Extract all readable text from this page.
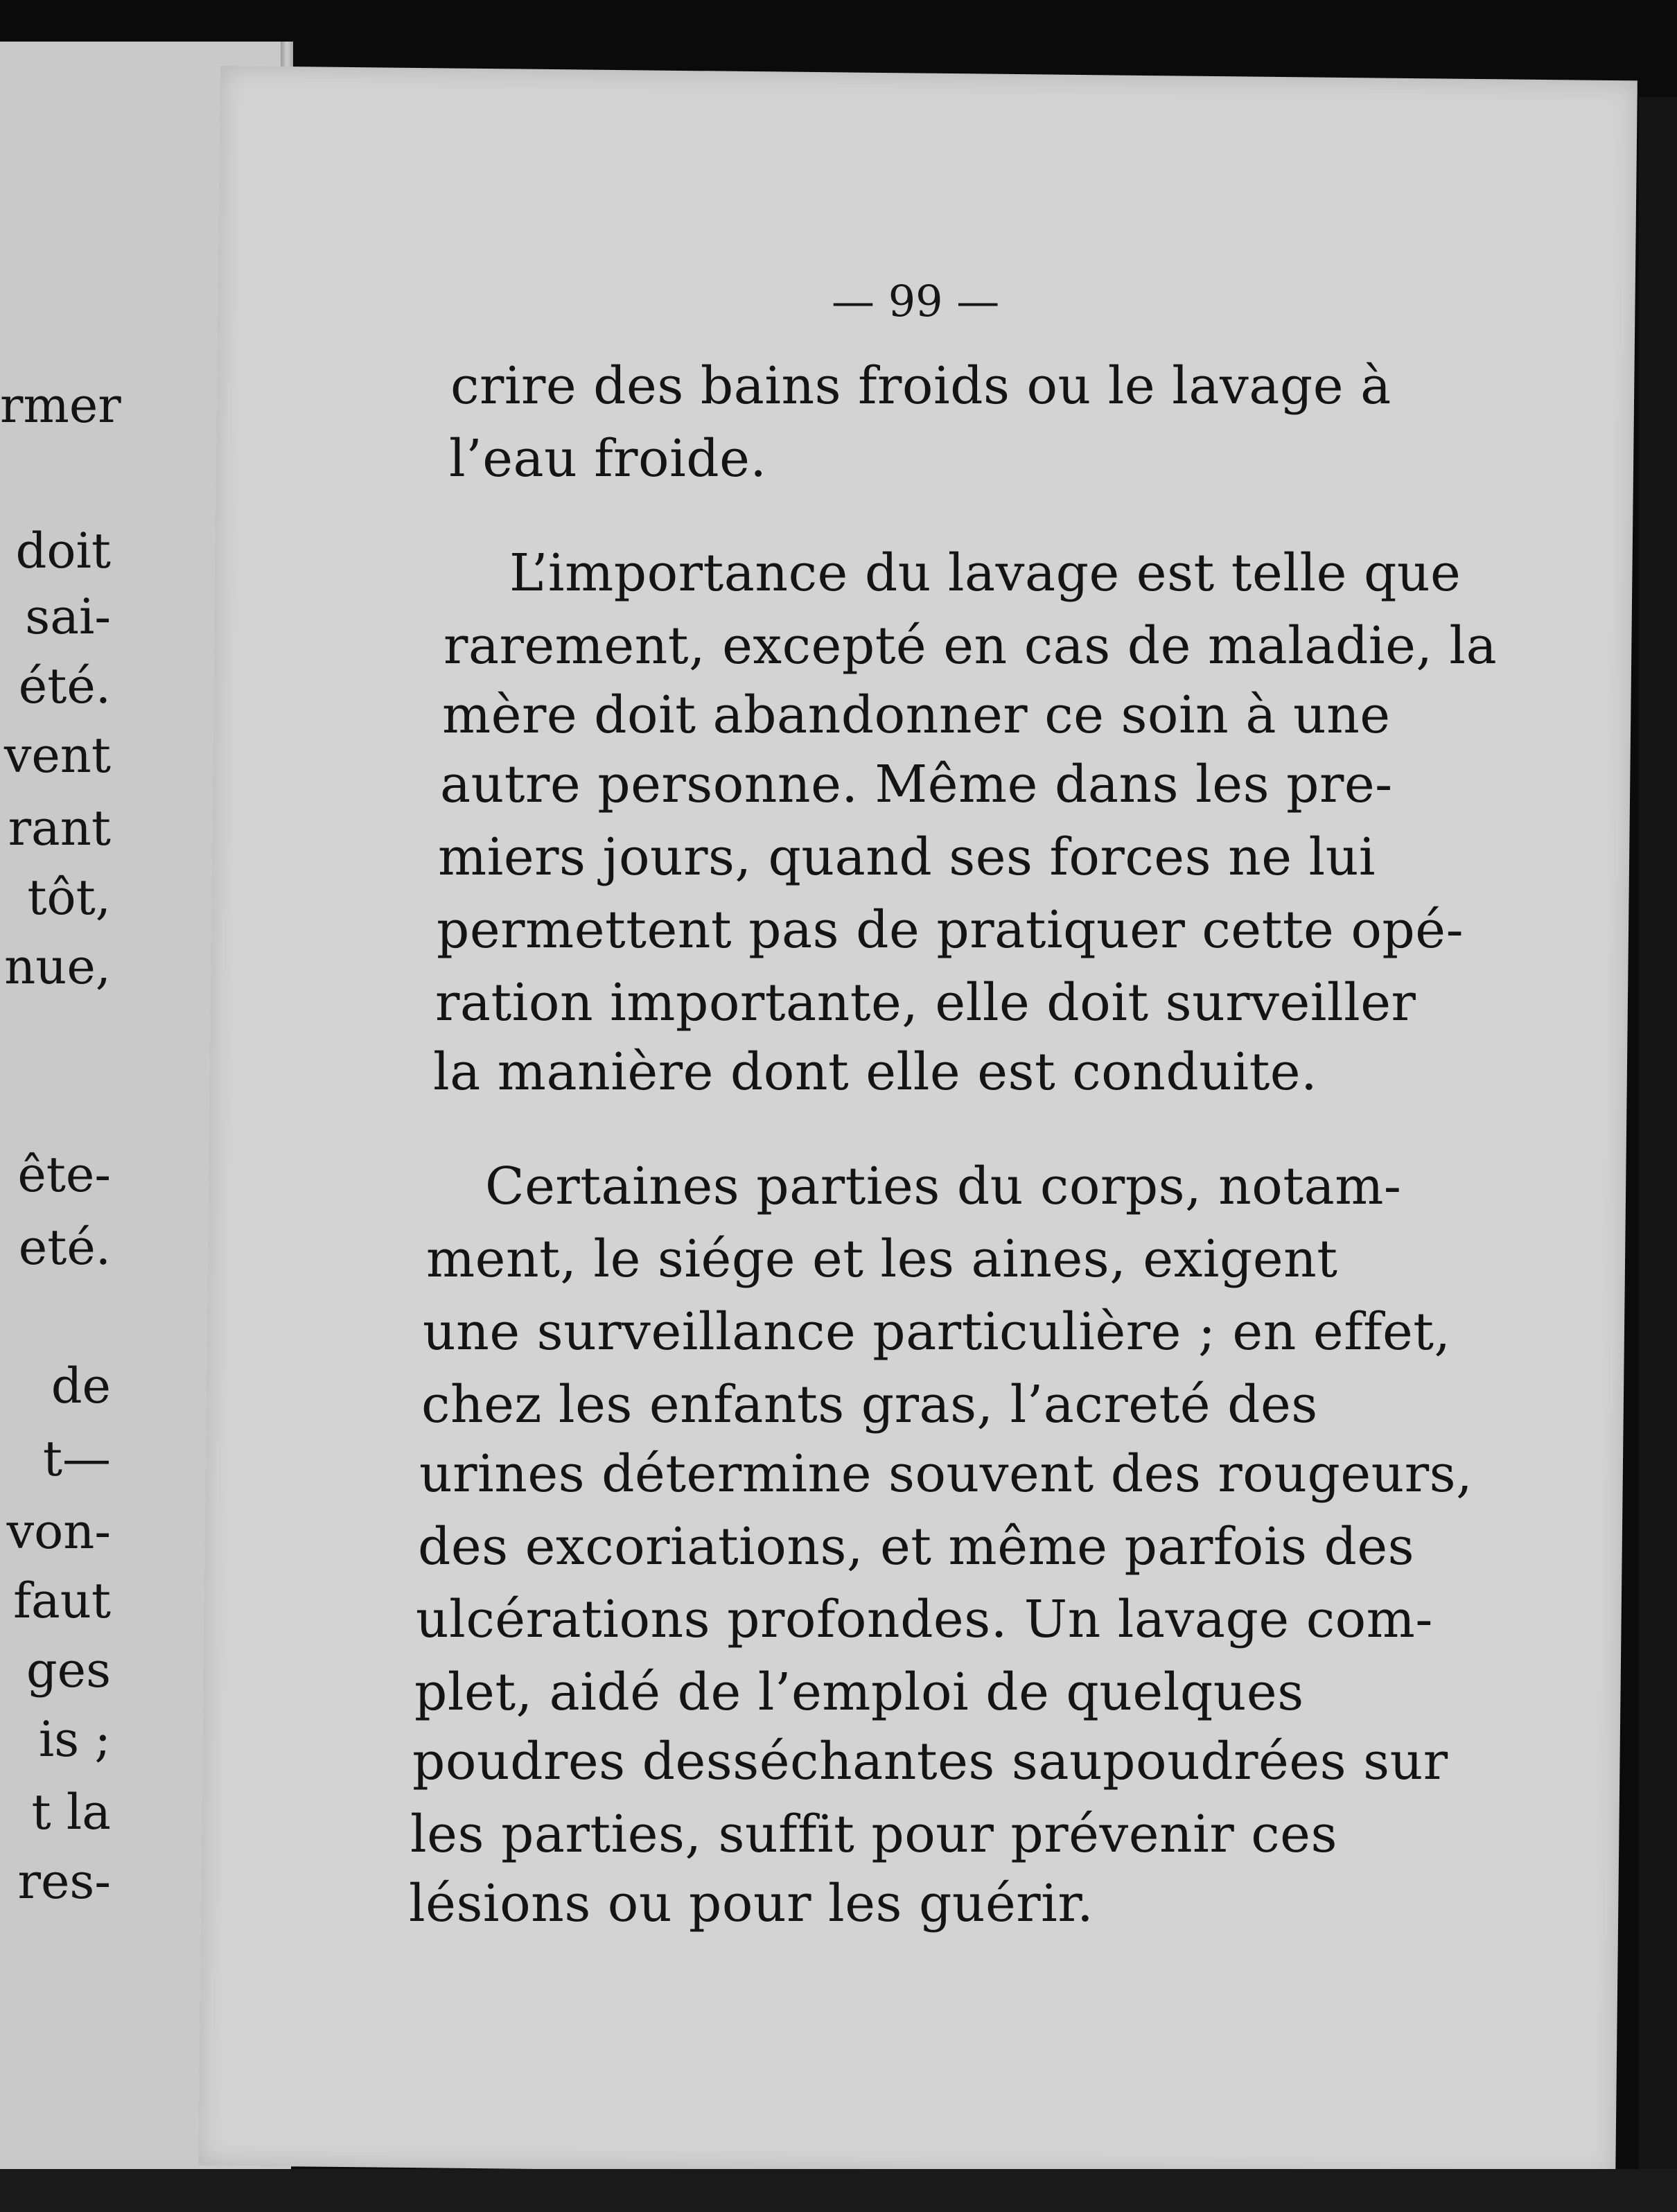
rmer
doit
sai-
été.
vent
rant
tôt,
nue,
ête-
eté.
de
t—
von-
faut
ges
is ;
t la
res-
— 99 —
crire des bains froids ou le lavage à
l’eau froide.
L’importance du lavage est telle que
rarement, excepté en cas de maladie, la
mère doit abandonner ce soin à une
autre personne. Même dans les pre-
miers jours, quand ses forces ne lui
permettent pas de pratiquer cette opé-
ration importante, elle doit surveiller
la manière dont elle est conduite.
Certaines parties du corps, notam-
ment, le siége et les aines, exigent
une surveillance particulière ; en effet,
chez les enfants gras, l’acreté des
urines détermine souvent des rougeurs,
des excoriations, et même parfois des
ulcérations profondes. Un lavage com-
plet, aidé de l’emploi de quelques
poudres desséchantes saupoudrées sur
les parties, suffit pour prévenir ces
lésions ou pour les guérir.
